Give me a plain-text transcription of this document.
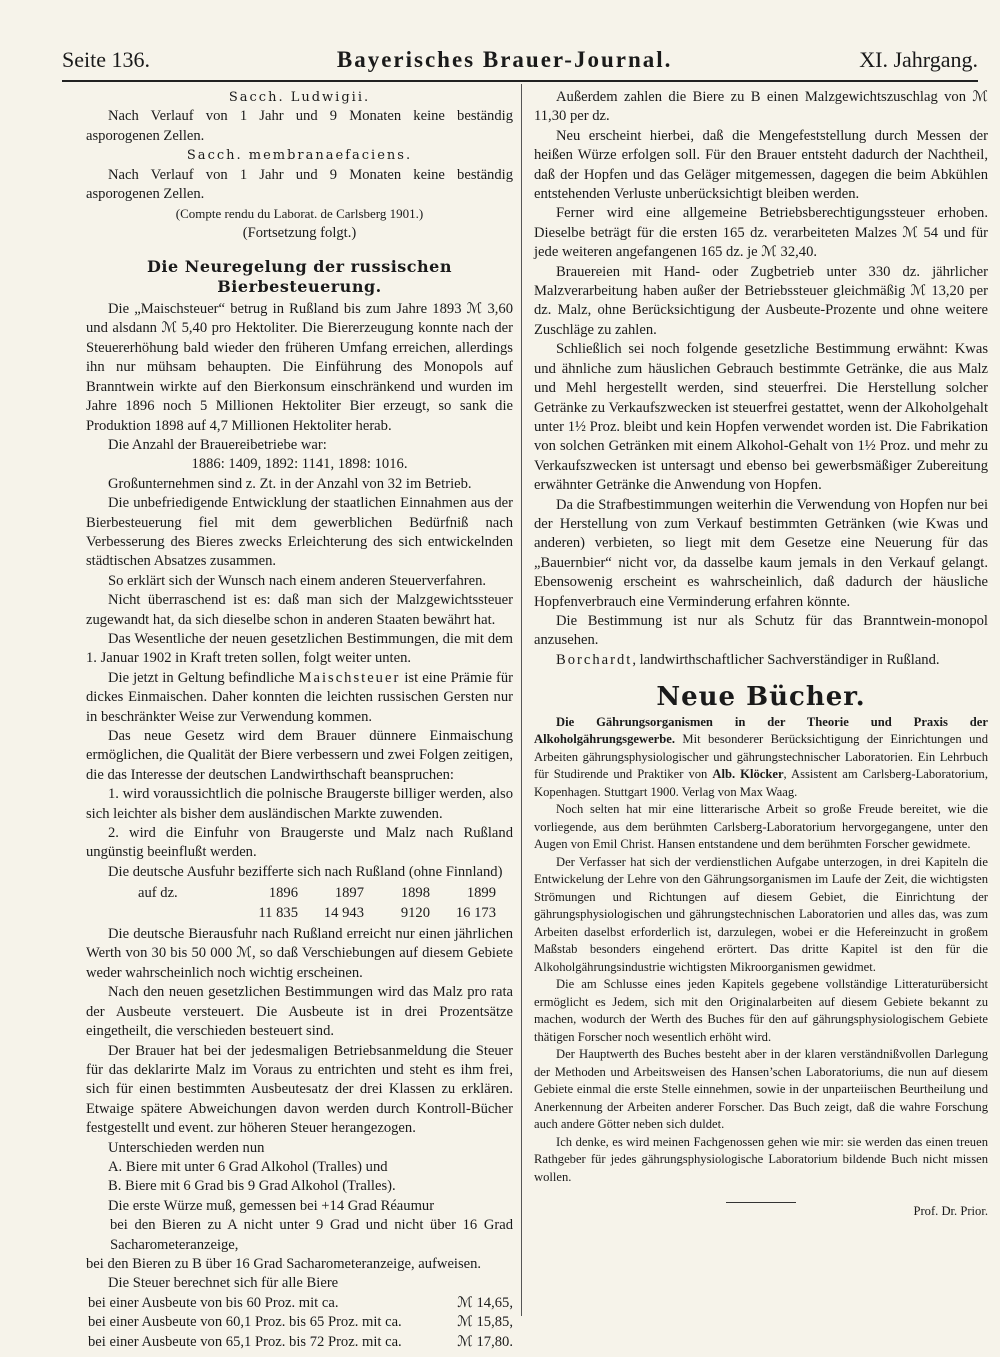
Seite 136.	Bayerisches Brauer-Journal.	XI. Jahrgang.

Sacch. Ludwigii.

Nach Verlauf von 1 Jahr und 9 Monaten keine beständig asporogenen Zellen.

Sacch. membranaefaciens.

Nach Verlauf von 1 Jahr und 9 Monaten keine beständig asporogenen Zellen.

(Compte rendu du Laborat. de Carlsberg 1901.)

(Fortsetzung folgt.)

Die Neuregelung der russischen Bierbesteuerung.

Die „Maischsteuer“ betrug in Rußland bis zum Jahre 1893 ℳ 3,60 und alsdann ℳ 5,40 pro Hektoliter. Die Biererzeugung konnte nach der Steuererhöhung bald wieder den früheren Umfang erreichen, allerdings ihn nur mühsam behaupten. Die Einführung des Monopols auf Branntwein wirkte auf den Bierkonsum einschränkend und wurden im Jahre 1896 noch 5 Millionen Hektoliter Bier erzeugt, so sank die Produktion 1898 auf 4,7 Millionen Hektoliter herab.

Die Anzahl der Brauereibetriebe war:

1886: 1409, 1892: 1141, 1898: 1016.

Großunternehmen sind z. Zt. in der Anzahl von 32 im Betrieb.

Die unbefriedigende Entwicklung der staatlichen Einnahmen aus der Bierbesteuerung fiel mit dem gewerblichen Bedürfniß nach Verbesserung des Bieres zwecks Erleichterung des sich entwickelnden städtischen Absatzes zusammen.

So erklärt sich der Wunsch nach einem anderen Steuerverfahren.

Nicht überraschend ist es: daß man sich der Malzgewichtssteuer zugewandt hat, da sich dieselbe schon in anderen Staaten bewährt hat.

Das Wesentliche der neuen gesetzlichen Bestimmungen, die mit dem 1. Januar 1902 in Kraft treten sollen, folgt weiter unten.

Die jetzt in Geltung befindliche Maischsteuer ist eine Prämie für dickes Einmaischen. Daher konnten die leichten russischen Gersten nur in beschränkter Weise zur Verwendung kommen.

Das neue Gesetz wird dem Brauer dünnere Einmaischung ermöglichen, die Qualität der Biere verbessern und zwei Folgen zeitigen, die das Interesse der deutschen Landwirthschaft beanspruchen:

1. wird voraussichtlich die polnische Braugerste billiger werden, also sich leichter als bisher dem ausländischen Markte zuwenden.

2. wird die Einfuhr von Braugerste und Malz nach Rußland ungünstig beeinflußt werden.

Die deutsche Ausfuhr bezifferte sich nach Rußland (ohne Finnland)

auf dz.	1896	1897	1898	1899
11 835	14 943	9120	16 173

Die deutsche Bierausfuhr nach Rußland erreicht nur einen jährlichen Werth von 30 bis 50 000 ℳ, so daß Verschiebungen auf diesem Gebiete weder wahrscheinlich noch wichtig erscheinen.

Nach den neuen gesetzlichen Bestimmungen wird das Malz pro rata der Ausbeute versteuert. Die Ausbeute ist in drei Prozentsätze eingetheilt, die verschieden besteuert sind.

Der Brauer hat bei der jedesmaligen Betriebsanmeldung die Steuer für das deklarirte Malz im Voraus zu entrichten und steht es ihm frei, sich für einen bestimmten Ausbeutesatz der drei Klassen zu erklären. Etwaige spätere Abweichungen davon werden durch Kontroll-Bücher festgestellt und event. zur höheren Steuer herangezogen.

Unterschieden werden nun

A. Biere mit unter 6 Grad Alkohol (Tralles) und

B. Biere mit 6 Grad bis 9 Grad Alkohol (Tralles).

Die erste Würze muß, gemessen bei +14 Grad Réaumur

bei den Bieren zu A nicht unter 9 Grad und nicht über 16 Grad Sacharometeranzeige,

bei den Bieren zu B über 16 Grad Sacharometeranzeige, aufweisen.

Die Steuer berechnet sich für alle Biere

bei einer Ausbeute von bis 60 Proz. mit ca.	ℳ 14,65,
bei einer Ausbeute von 60,1 Proz. bis 65 Proz. mit ca.	ℳ 15,85,
bei einer Ausbeute von 65,1 Proz. bis 72 Proz. mit ca.	ℳ 17,80.

Außerdem zahlen die Biere zu B einen Malzgewichtszuschlag von ℳ 11,30 per dz.

Neu erscheint hierbei, daß die Mengefeststellung durch Messen der heißen Würze erfolgen soll. Für den Brauer entsteht dadurch der Nachtheil, daß der Hopfen und das Geläger mitgemessen, dagegen die beim Abkühlen entstehenden Verluste unberücksichtigt bleiben werden.

Ferner wird eine allgemeine Betriebsberechtigungssteuer erhoben. Dieselbe beträgt für die ersten 165 dz. verarbeiteten Malzes ℳ 54 und für jede weiteren angefangenen 165 dz. je ℳ 32,40.

Brauereien mit Hand- oder Zugbetrieb unter 330 dz. jährlicher Malzverarbeitung haben außer der Betriebssteuer gleichmäßig ℳ 13,20 per dz. Malz, ohne Berücksichtigung der Ausbeute-Prozente und ohne weitere Zuschläge zu zahlen.

Schließlich sei noch folgende gesetzliche Bestimmung erwähnt: Kwas und ähnliche zum häuslichen Gebrauch bestimmte Getränke, die aus Malz und Mehl hergestellt werden, sind steuerfrei. Die Herstellung solcher Getränke zu Verkaufszwecken ist steuerfrei gestattet, wenn der Alkoholgehalt unter 1½ Proz. bleibt und kein Hopfen verwendet worden ist. Die Fabrikation von solchen Getränken mit einem Alkohol-Gehalt von 1½ Proz. und mehr zu Verkaufszwecken ist untersagt und ebenso bei gewerbsmäßiger Zubereitung erwähnter Getränke die Anwendung von Hopfen.

Da die Strafbestimmungen weiterhin die Verwendung von Hopfen nur bei der Herstellung von zum Verkauf bestimmten Getränken (wie Kwas und anderen) verbieten, so liegt mit dem Gesetze eine Neuerung für das „Bauernbier“ nicht vor, da dasselbe kaum jemals in den Verkauf gelangt. Ebensowenig erscheint es wahrscheinlich, daß dadurch der häusliche Hopfenverbrauch eine Verminderung erfahren könnte.

Die Bestimmung ist nur als Schutz für das Branntwein-monopol anzusehen.

Borchardt, landwirthschaftlicher Sachverständiger in Rußland.

Neue Bücher.

Die Gährungsorganismen in der Theorie und Praxis der Alkoholgährungsgewerbe. Mit besonderer Berücksichtigung der Einrichtungen und Arbeiten gährungsphysiologischer und gährungstechnischer Laboratorien. Ein Lehrbuch für Studirende und Praktiker von Alb. Klöcker, Assistent am Carlsberg-Laboratorium, Kopenhagen. Stuttgart 1900. Verlag von Max Waag.

Noch selten hat mir eine litterarische Arbeit so große Freude bereitet, wie die vorliegende, aus dem berühmten Carlsberg-Laboratorium hervorgegangene, unter den Augen von Emil Christ. Hansen entstandene und dem berühmten Forscher gewidmete.

Der Verfasser hat sich der verdienstlichen Aufgabe unterzogen, in drei Kapiteln die Entwickelung der Lehre von den Gährungsorganismen im Laufe der Zeit, die wichtigsten Strömungen und Richtungen auf diesem Gebiet, die Einrichtung der gährungsphysiologischen und gährungstechnischen Laboratorien und alles das, was zum Arbeiten daselbst erforderlich ist, darzulegen, wobei er die Hefereinzucht in großem Maßstab besonders eingehend erörtert. Das dritte Kapitel ist den für die Alkoholgährungsindustrie wichtigsten Mikroorganismen gewidmet.

Die am Schlusse eines jeden Kapitels gegebene vollständige Litteraturübersicht ermöglicht es Jedem, sich mit den Originalarbeiten auf diesem Gebiete bekannt zu machen, wodurch der Werth des Buches für den auf gährungsphysiologischem Gebiete thätigen Forscher noch wesentlich erhöht wird.

Der Hauptwerth des Buches besteht aber in der klaren verständnißvollen Darlegung der Methoden und Arbeitsweisen des Hansen’schen Laboratoriums, die nun auf diesem Gebiete einmal die erste Stelle einnehmen, sowie in der unparteiischen Beurtheilung und Anerkennung der Arbeiten anderer Forscher. Das Buch zeigt, daß die wahre Forschung auch andere Götter neben sich duldet.

Ich denke, es wird meinen Fachgenossen gehen wie mir: sie werden das einen treuen Rathgeber für jedes gährungsphysiologische Laboratorium bildende Buch nicht missen wollen.

Prof. Dr. Prior.
